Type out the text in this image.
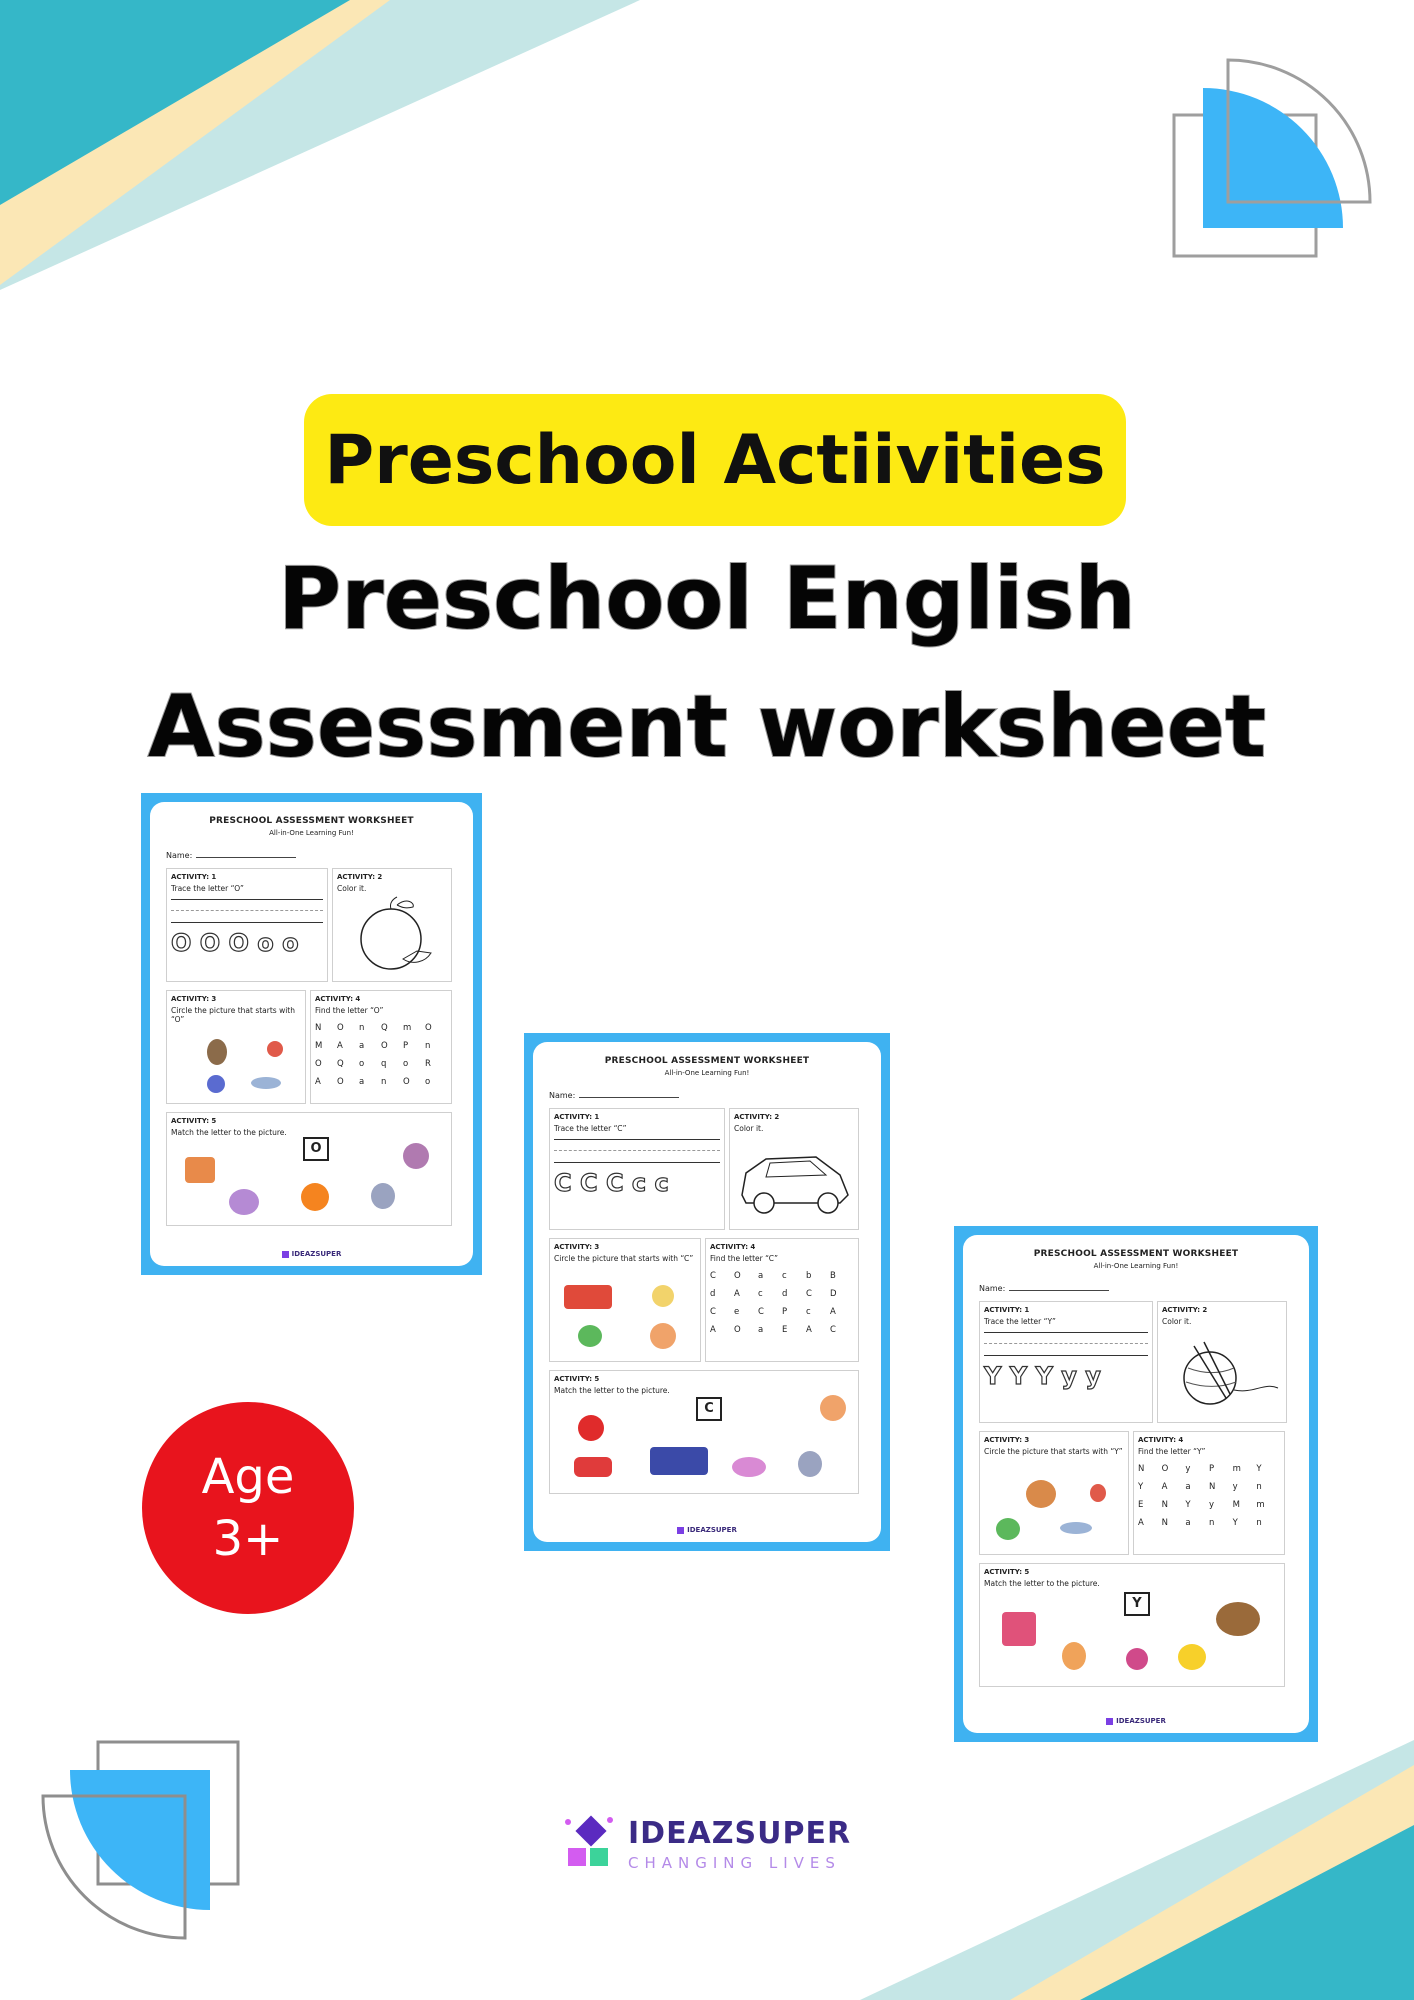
Preschool Actiivities
Preschool English
Assessment worksheet
PRESCHOOL ASSESSMENT WORKSHEET
All-in-One Learning Fun!
Name:
ACTIVITY: 1

Trace the letter “O”

O O O o o
ACTIVITY: 2

Color it.

ACTIVITY: 3

Circle the picture that starts with “O”

ACTIVITY: 4

Find the letter “O”

N	O	n	Q	m	O
M	A	a	O	P	n
O	Q	o	q	o	R
A	O	a	n	O	o
ACTIVITY: 5

Match the letter to the picture.

O
IDEAZSUPER
PRESCHOOL ASSESSMENT WORKSHEET
All-in-One Learning Fun!
Name:
ACTIVITY: 1

Trace the letter “C”

C C C c c
ACTIVITY: 2

Color it.

ACTIVITY: 3

Circle the picture that starts with “C”

ACTIVITY: 4

Find the letter “C”

C	O	a	c	b	B
d	A	c	d	C	D
C	e	C	P	c	A
A	O	a	E	A	C
ACTIVITY: 5

Match the letter to the picture.

C
IDEAZSUPER
PRESCHOOL ASSESSMENT WORKSHEET
All-in-One Learning Fun!
Name:
ACTIVITY: 1

Trace the letter “Y”

Y Y Y y y
ACTIVITY: 2

Color it.

ACTIVITY: 3

Circle the picture that starts with “Y”

ACTIVITY: 4

Find the letter “Y”

N	O	y	P	m	Y
Y	A	a	N	y	n
E	N	Y	y	M	m
A	N	a	n	Y	n
ACTIVITY: 5

Match the letter to the picture.

Y
IDEAZSUPER
Age
3+
IDEAZSUPER
CHANGING LIVES
